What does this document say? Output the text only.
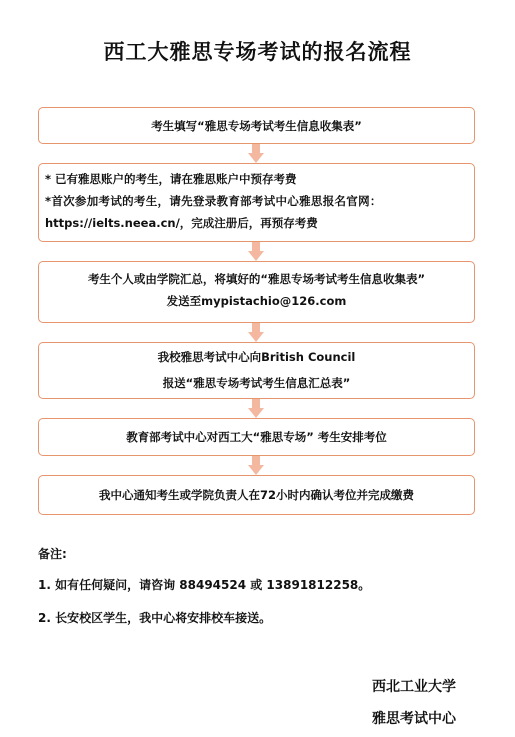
西工大雅思专场考试的报名流程
考生填写“雅思专场考试考生信息收集表”
* 已有雅思账户的考生，请在雅思账户中预存考费
*首次参加考试的考生，请先登录教育部考试中心雅思报名官网：
https://ielts.neea.cn/，完成注册后，再预存考费
考生个人或由学院汇总，将填好的“雅思专场考试考生信息收集表”
发送至mypistachio@126.com
我校雅思考试中心向British Council
报送“雅思专场考试考生信息汇总表”
教育部考试中心对西工大“雅思专场” 考生安排考位
我中心通知考生或学院负责人在72小时内确认考位并完成缴费
备注:
1. 如有任何疑问，请咨询 88494524 或 13891812258。
2. 长安校区学生，我中心将安排校车接送。
西北工业大学
雅思考试中心
